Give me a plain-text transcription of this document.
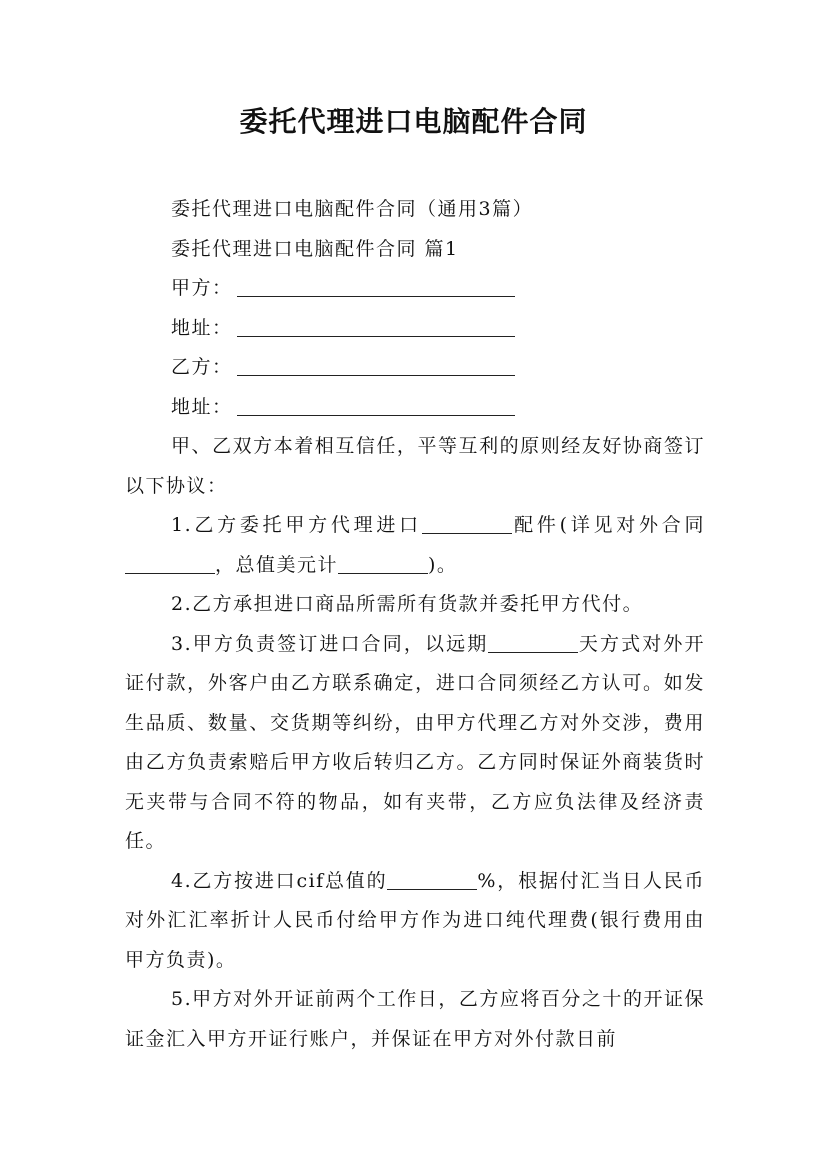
委托代理进口电脑配件合同

委托代理进口电脑配件合同（通用3篇）

委托代理进口电脑配件合同 篇1

甲方：

地址：

乙方：

地址：

甲、乙双方本着相互信任，平等互利的原则经友好协商签订以下协议：

1.乙方委托甲方代理进口	配件(详见对外合同，总值美元计	)。

2.乙方承担进口商品所需所有货款并委托甲方代付。

3.甲方负责签订进口合同，以远期	天方式对外开证付款，外客户由乙方联系确定，进口合同须经乙方认可。如发生品质、数量、交货期等纠纷，由甲方代理乙方对外交涉，费用由乙方负责索赔后甲方收后转归乙方。乙方同时保证外商装货时无夹带与合同不符的物品，如有夹带，乙方应负法律及经济责任。

4.乙方按进口cif总值的	%，根据付汇当日人民币对外汇汇率折计人民币付给甲方作为进口纯代理费(银行费用由甲方负责)。

5.甲方对外开证前两个工作日，乙方应将百分之十的开证保证金汇入甲方开证行账户，并保证在甲方对外付款日前
